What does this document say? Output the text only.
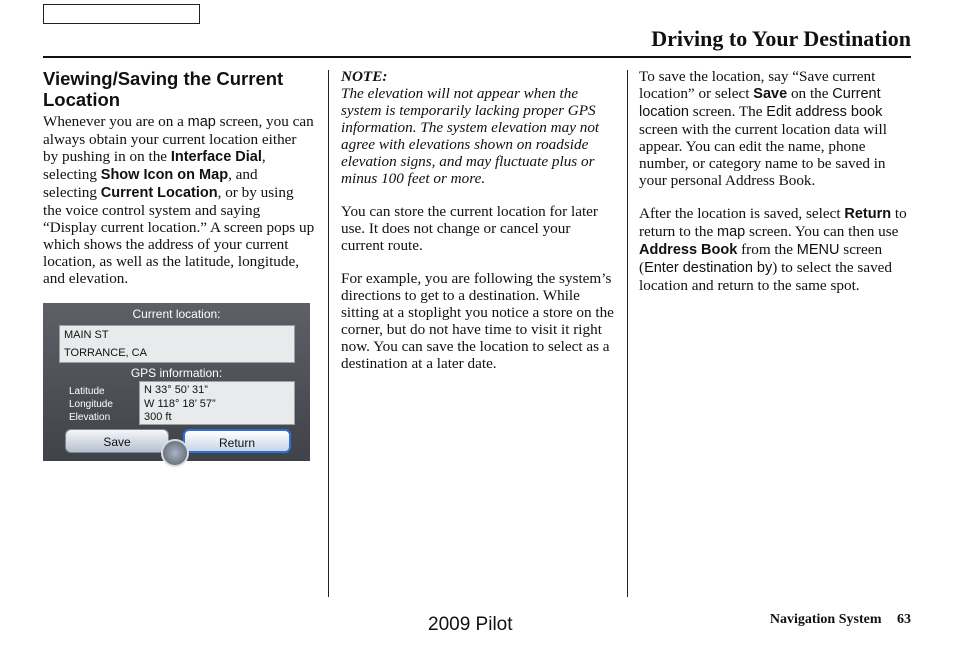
Driving to Your Destination
Viewing/Saving the Current Location

Whenever you are on a map screen, you can always obtain your current location either by pushing in on the Interface Dial, selecting Show Icon on Map, and selecting Current Location, or by using the voice control system and saying “Display current location.” A screen pops up which shows the address of your current location, as well as the latitude, longitude, and elevation.

Current location:
MAIN ST
TORRANCE, CA
GPS information:
Latitude
Longitude
Elevation
N 33° 50’ 31”
W 118° 18’ 57”
300 ft
Save	Return
NOTE:
The elevation will not appear when the system is temporarily lacking proper GPS information. The system elevation may not agree with elevations shown on roadside elevation signs, and may fluctuate plus or minus 100 feet or more.

You can store the current location for later use. It does not change or cancel your current route.

For example, you are following the system’s directions to get to a destination. While sitting at a stoplight you notice a store on the corner, but do not have time to visit it right now. You can save the location to select as a destination at a later date.

To save the location, say “Save current location” or select Save on the Current location screen. The Edit address book screen with the current location data will appear. You can edit the name, phone number, or category name to be saved in your personal Address Book.

After the location is saved, select Return to return to the map screen. You can then use Address Book from the MENU screen (Enter destination by) to select the saved location and return to the same spot.

2009 Pilot	Navigation System 63
